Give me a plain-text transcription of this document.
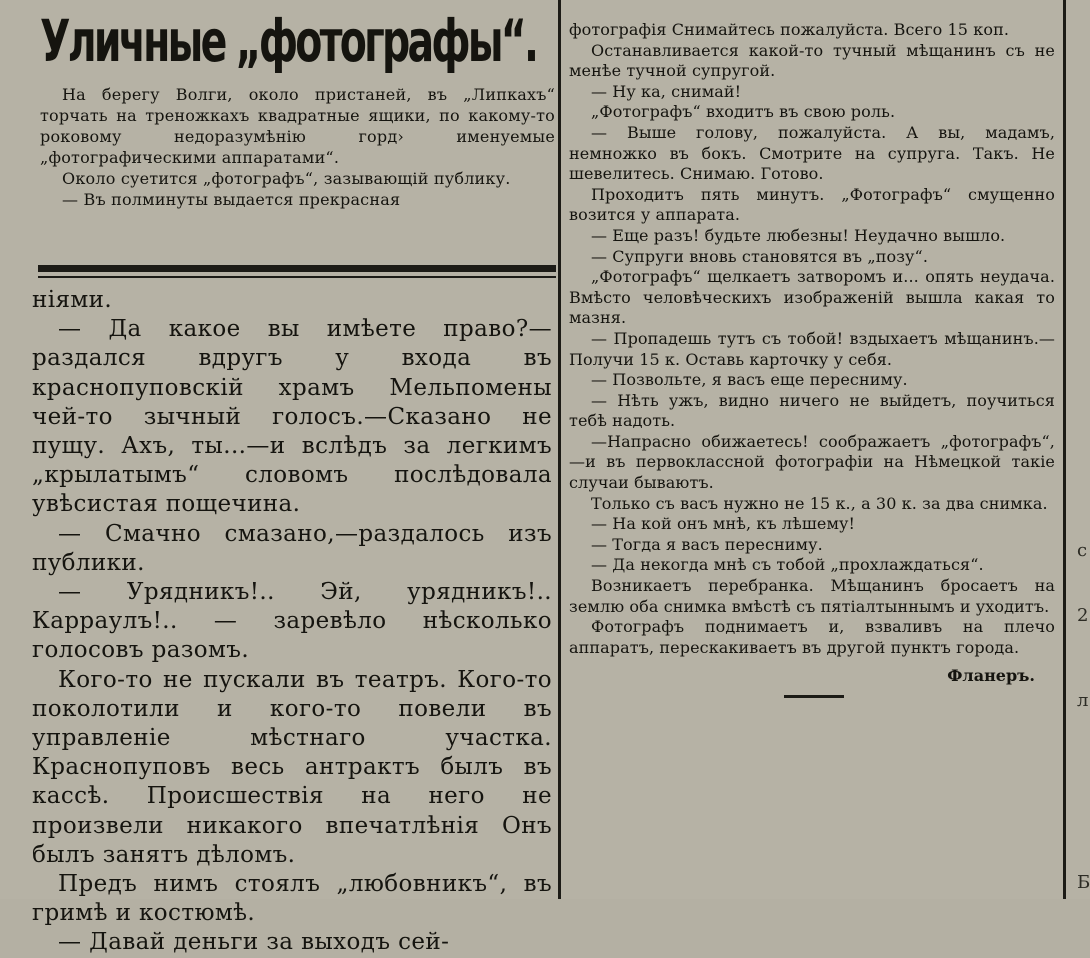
Уличные „фотографы“.

На берегу Волги, около пристаней, въ „Липкахъ“ торчать на треножкахъ квадратные ящики, по какому-то роковому недоразумѣнію горд› именуемые „фотографическими аппаратами“.

Около суетится „фотографъ“, зазывающій публику.

— Въ полминуты выдается прекрасная

ніями.

— Да какое вы имѣете право?— раздался вдругъ у входа въ краснопуповскій храмъ Мельпомены чей-то зычный голосъ.—Сказано не пущу. Ахъ, ты...—и вслѣдъ за легкимъ „крылатымъ“ словомъ послѣдовала увѣсистая пощечина.

— Смачно смазано,—раздалось изъ публики.

— Урядникъ!.. Эй, урядникъ!.. Карраулъ!.. — заревѣло нѣсколько голосовъ разомъ.

Кого-то не пускали въ театръ. Кого-то поколотили и кого-то повели въ управленіе мѣстнаго участка. Краснопуповъ весь антрактъ былъ въ кассѣ. Происшествія на него не произвели никакого впечатлѣнія Онъ былъ занятъ дѣломъ.

Предъ нимъ стоялъ „любовникъ“, въ гримѣ и костюмѣ.

— Давай деньги за выходъ сей-

фотографія Снимайтесь пожалуйста. Всего 15 коп.

Останавливается какой-то тучный мѣщанинъ съ не менѣе тучной супругой.

— Ну ка, снимай!

„Фотографъ“ входитъ въ свою роль.

— Выше голову, пожалуйста. А вы, мадамъ, немножко въ бокъ. Смотрите на супруга. Такъ. Не шевелитесь. Снимаю. Готово.

Проходитъ пять минутъ. „Фотографъ“ смущенно возится у аппарата.

— Еще разъ! будьте любезны! Неудачно вышло.

— Супруги вновь становятся въ „позу“.

„Фотографъ“ щелкаетъ затворомъ и... опять неудача. Вмѣсто человѣческихъ изображеній вышла какая то мазня.

— Пропадешь тутъ съ тобой! вздыхаетъ мѣщанинъ.—Получи 15 к. Оставь карточку у себя.

— Позвольте, я васъ еще пересниму.

— Нѣть ужъ, видно ничего не выйдетъ, поучиться тебѣ надоть.

—Напрасно обижаетесь! соображаетъ „фотографъ“,—и въ первоклассной фотографіи на Нѣмецкой такіе случаи бываютъ.

Только съ васъ нужно не 15 к., а 30 к. за два снимка.

— На кой онъ мнѣ, къ лѣшему!

— Тогда я васъ пересниму.

— Да некогда мнѣ съ тобой „прохлаждаться“.

Возникаетъ перебранка. Мѣщанинъ бросаетъ на землю оба снимка вмѣстѣ съ пятіалтыннымъ и уходитъ.

Фотографъ поднимаетъ и, взваливъ на плечо аппаратъ, перескакиваетъ въ другой пунктъ города.

Фланеръ.
с
л
2
Б
